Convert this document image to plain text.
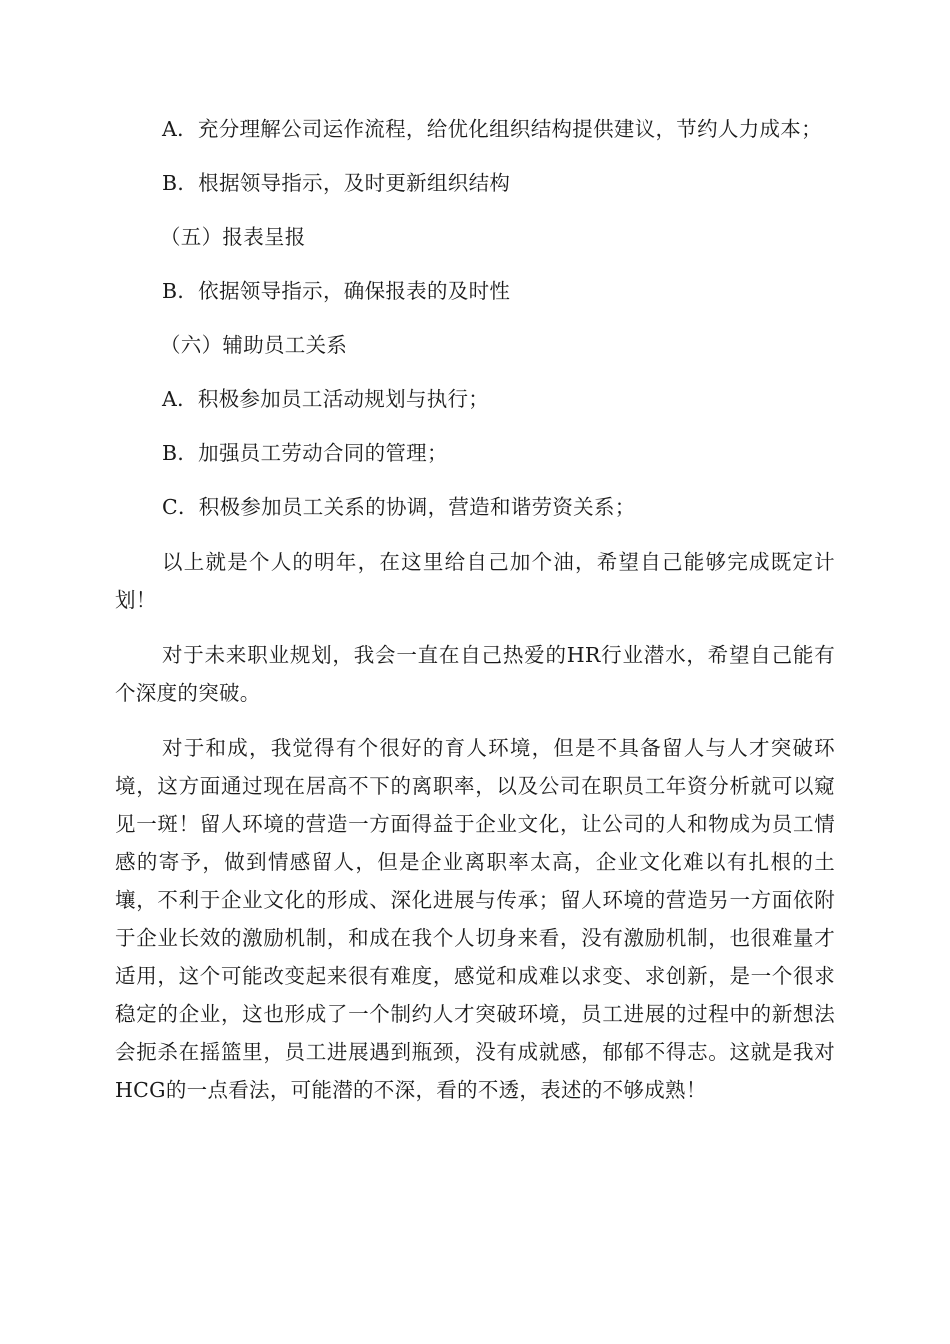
A．充分理解公司运作流程，给优化组织结构提供建议，节约人力成本；

B．根据领导指示，及时更新组织结构

（五）报表呈报

B．依据领导指示，确保报表的及时性

（六）辅助员工关系

A．积极参加员工活动规划与执行；

B．加强员工劳动合同的管理；

C．积极参加员工关系的协调，营造和谐劳资关系；

以上就是个人的明年，在这里给自己加个油，希望自己能够完成既定计划！

对于未来职业规划，我会一直在自己热爱的HR行业潜水，希望自己能有个深度的突破。

对于和成，我觉得有个很好的育人环境，但是不具备留人与人才突破环境，这方面通过现在居高不下的离职率，以及公司在职员工年资分析就可以窥见一斑！留人环境的营造一方面得益于企业文化，让公司的人和物成为员工情感的寄予，做到情感留人，但是企业离职率太高，企业文化难以有扎根的土壤，不利于企业文化的形成、深化进展与传承；留人环境的营造另一方面依附于企业长效的激励机制，和成在我个人切身来看，没有激励机制，也很难量才适用，这个可能改变起来很有难度，感觉和成难以求变、求创新，是一个很求稳定的企业，这也形成了一个制约人才突破环境，员工进展的过程中的新想法会扼杀在摇篮里，员工进展遇到瓶颈，没有成就感，郁郁不得志。这就是我对HCG的一点看法，可能潜的不深，看的不透，表述的不够成熟！
